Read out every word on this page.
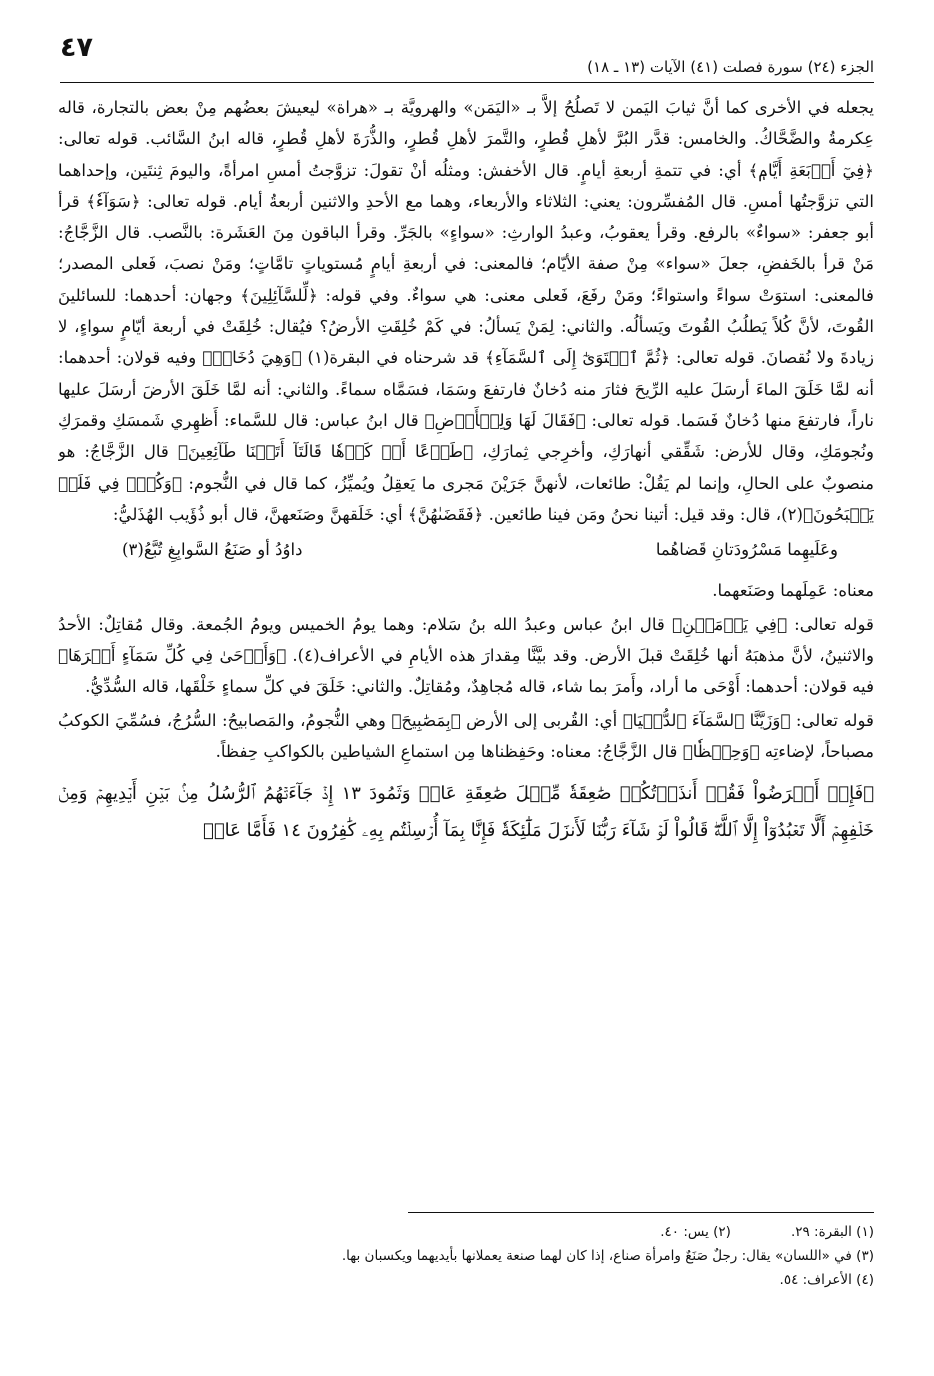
٤٧
الجزء (٢٤) سورة فصلت (٤١) الآيات (١٣ ـ ١٨)

يجعله في الأخرى كما أنَّ ثيابَ اليَمن لا تَصلُحُ إلاَّ بـ «اليَمَن» والهرويَّة بـ «هراة» ليعيشَ بعضُهم مِنْ بعض بالتجارة، قاله عِكرمةُ والضَّحَّاكُ. والخامس: قدَّر البُرَّ لأهلِ قُطرٍ، والتَّمرَ لأهلِ قُطرٍ، والذُّرَةَ لأهلِ قُطرٍ، قاله ابنُ السَّائب. قوله تعالى: ﴿فِيٓ أَرۡبَعَةِ أَيَّامٖ﴾ أي: في تتمةِ أربعةِ أيامٍ. قال الأخفش: ومثلُه أنْ تقولَ: تزوَّجتُ أمسِ امرأةً، واليومَ ثِنتَين، وإحداهما التي تزوَّجتُها أمسِ. قال المُفسِّرون: يعني: الثلاثاء والأربعاء، وهما مع الأحدِ والاثنين أربعةُ أيام. قوله تعالى: ﴿سَوَآءٗ﴾ قرأ أبو جعفر: «سواءٌ» بالرفع. وقرأ يعقوبُ، وعبدُ الوارثِ: «سواءٍ» بالجَرِّ. وقرأ الباقون مِنَ العَشَرة: بالنَّصب. قال الزَّجَّاجُ: مَنْ قرأ بالخَفضِ، جعلَ «سواء» مِنْ صفة الأيّام؛ فالمعنى: في أربعةِ أيامٍ مُستوياتٍ تامَّاتٍ؛ ومَنْ نصبَ، فَعلى المصدر؛ فالمعنى: استوَتْ سواءً واستواءً؛ ومَنْ رفَعَ، فَعلى معنى: هي سواءٌ. وفي قوله: ﴿لِّلسَّآئِلِينَ﴾ وجهان: أحدهما: للسائلينَ القُوتَ، لأنَّ كُلاً يَطلُبُ القُوتَ ويَسألُه. والثاني: لِمَنْ يَسألُ: في كَمْ خُلِقَتِ الأرضُ؟ فيُقال: خُلِقَتْ في أربعة أيّامٍ سواءٍ، لا زيادةَ ولا نُقصانَ. قوله تعالى: ﴿ثُمَّ ٱسۡتَوَىٰٓ إِلَى ٱلسَّمَآءِ﴾ قد شرحناه في البقرة(١) ﴿وَهِيَ دُخَانٞ﴾ وفيه قولان: أحدهما: أنه لمَّا خَلَقَ الماءَ أرسَلَ عليه الرِّيحَ فثارَ منه دُخانٌ فارتفعَ وسَمَا، فسَمَّاه سماءً. والثاني: أنه لمَّا خَلَقَ الأرضَ أرسَلَ عليها ناراً، فارتفعَ منها دُخانٌ فَسَما. قوله تعالى: ﴿فَقَالَ لَهَا وَلِلۡأَرۡضِ﴾ قال ابنُ عباس: قال للسَّماء: أَظهِري شَمسَكِ وقمرَكِ ونُجومَكِ، وقال للأرض: شَقِّقي أنهارَكِ، وأخرِجي ثِمارَكِ، ﴿طَوۡعًا أَوۡ كَرۡهٗا قَالَتَآ أَتَيۡنَا طَآئِعِينَ﴾ قال الزَّجَّاجُ: هو منصوبٌ على الحالِ، وإنما لم يَقُلْ: طائعات، لأنهنَّ جَرَيْنَ مَجرى ما يَعقِلُ ويُميِّزُ، كما قال في النُّجوم: ﴿وَكُلّٞ فِي فَلَكٖ يَسۡبَحُونَ﴾(٢)، قال: وقد قيل: أتينا نحنُ ومَن فينا طائعين. ﴿فَقَضَىٰهُنَّ﴾ أي: خَلَقهنَّ وصَنَعهنَّ، قال أبو ذُؤَيب الهُذَليُّ:

وعَلَيهِما مَسْرُودَتانِ قَضاهُما
داوُدُ أو صَنَعُ السَّوابِغِ تُبَّعُ(٣)

معناه: عَمِلَهما وصَنَعهما.

قوله تعالى: ﴿فِي يَوۡمَيۡنِ﴾ قال ابنُ عباس وعبدُ الله بنُ سَلام: وهما يومُ الخميس ويومُ الجُمعة. وقال مُقاتِلٌ: الأحدُ والاثنينُ، لأنَّ مذهبَهُ أنها خُلِقَتْ قبلَ الأرض. وقد بيَّنَّا مِقدارَ هذه الأيامِ في الأعراف(٤). ﴿وَأَوۡحَىٰ فِي كُلِّ سَمَآءٍ أَمۡرَهَا﴾ فيه قولان: أحدهما: أَوْحَى ما أراد، وأَمرَ بما شاء، قاله مُجاهِدٌ، ومُقاتِلٌ. والثاني: خَلَقَ في كلِّ سماءٍ خَلْقَها، قاله السُّدِّيُّ.

قوله تعالى: ﴿وَزَيَّنَّا ٱلسَّمَآءَ ٱلدُّنۡيَا﴾ أي: القُربى إلى الأرض ﴿بِمَصَٰبِيحَ﴾ وهي النُّجومُ، والمَصابيحُ: السُّرُجُ، فسُمِّيَ الكوكبُ مصباحاً، لإضاءتِه ﴿وَحِفۡظٗا﴾ قال الزَّجَّاجُ: معناه: وحَفِظناها مِن استماعِ الشياطين بالكواكبِ حِفظاً.

﴿فَإِنۡ أَعۡرَضُواْ فَقُلۡ أَنذَرۡتُكُمۡ صَٰعِقَةٗ مِّثۡلَ صَٰعِقَةِ عَادٖ وَثَمُودَ ١٣ إِذۡ جَآءَتۡهُمُ ٱلرُّسُلُ مِنۢ بَيۡنِ أَيۡدِيهِمۡ وَمِنۡ خَلۡفِهِمۡ أَلَّا تَعۡبُدُوٓاْ إِلَّا ٱللَّهَۖ قَالُواْ لَوۡ شَآءَ رَبُّنَا لَأَنزَلَ مَلَٰٓئِكَةٗ فَإِنَّا بِمَآ أُرۡسِلۡتُم بِهِۦ كَٰفِرُونَ ١٤ فَأَمَّا عَادٞ

(١) البقرة: ٢٩.
(٢) يس: ٤٠.
(٣) في «اللسان» يقال: رجلٌ صَنَعٌ وامرأة صناع، إذا كان لهما صنعة يعملانها بأيديهما ويكسبان بها.
(٤) الأعراف: ٥٤.
